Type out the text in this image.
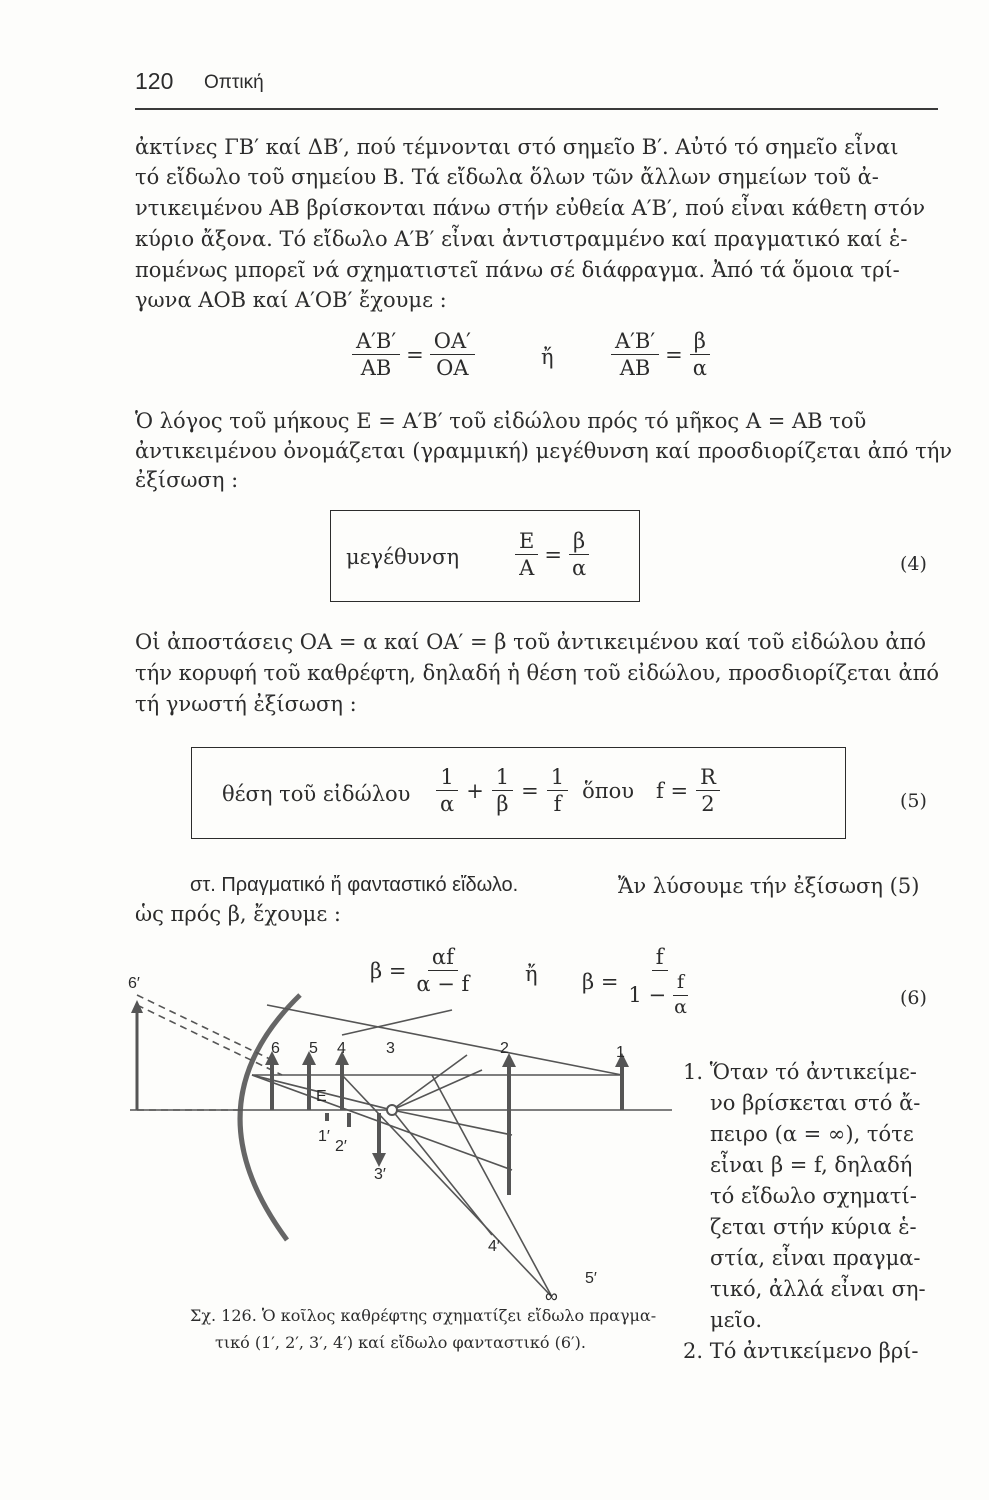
120 Οπτική
ἀκτίνες ΓΒ′ καί ΔΒ′, πού τέμνονται στό σημεῖο Β′. Αὐτό τό σημεῖο εἶναι
τό εἴδωλο τοῦ σημείου Β. Τά εἴδωλα ὅλων τῶν ἄλλων σημείων τοῦ ἀ-
ντικειμένου ΑΒ βρίσκονται πάνω στήν εὐθεία Α′Β′, πού εἶναι κάθετη στόν
κύριο ἄξονα. Τό εἴδωλο Α′Β′ εἶναι ἀντιστραμμένο καί πραγματικό καί ἑ-
πομένως μπορεῖ νά σχηματιστεῖ πάνω σέ διάφραγμα. Ἀπό τά ὅμοια τρί-
γωνα ΑΟΒ καί Α′ΟΒ′ ἔχουμε :
$\frac{A'B'}{AB} = \frac{OA'}{OA}$	ἤ	$\frac{A'B'}{AB} = \frac{\beta}{\alpha}$
Ὁ λόγος τοῦ μήκους Ε = Α′Β′ τοῦ εἰδώλου πρός τό μῆκος Α = ΑΒ τοῦ
ἀντικειμένου ὀνομάζεται (γραμμική) μεγέθυνση καί προσδιορίζεται ἀπό τήν
ἐξίσωση :
μεγέθυνση	$\frac{E}{A} = \frac{\beta}{\alpha}$	(4)
Οἱ ἀποστάσεις ΟΑ = α καί ΟΑ′ = β τοῦ ἀντικειμένου καί τοῦ εἰδώλου ἀπό
τήν κορυφή τοῦ καθρέφτη, δηλαδή ἡ θέση τοῦ εἰδώλου, προσδιορίζεται ἀπό
τή γνωστή ἐξίσωση :
θέση τοῦ εἰδώλου $\frac{1}{\alpha} + \frac{1}{\beta} = \frac{1}{f}$ ὅπου $f = \frac{R}{2}$	(5)
στ. Πραγματικό ἤ φανταστικό εἴδωλο.	Ἄν λύσουμε τήν ἐξίσωση (5)
ὡς πρός β, ἔχουμε :
$\beta = \frac{\alpha f}{\alpha - f}$ ἤ $\beta = \frac{f}{1 - \frac{f}{\alpha}}$	(6)
6′
6 5 4	3	2	1
Ε
1′
2′
3′
4′
5′
∞
Σχ. 126. Ὁ κοῖλος καθρέφτης σχηματίζει εἴδωλο πραγμα-
τικό (1′, 2′, 3′, 4′) καί εἴδωλο φανταστικό (6′).
1. Ὅταν τό ἀντικείμε-
νο βρίσκεται στό ἄ-
πειρο (α = ∞), τότε
εἶναι β = f, δηλαδή
τό εἴδωλο σχηματί-
ζεται στήν κύρια ἑ-
στία, εἶναι πραγμα-
τικό, ἀλλά εἶναι ση-
μεῖο.
2. Τό ἀντικείμενο βρί-
